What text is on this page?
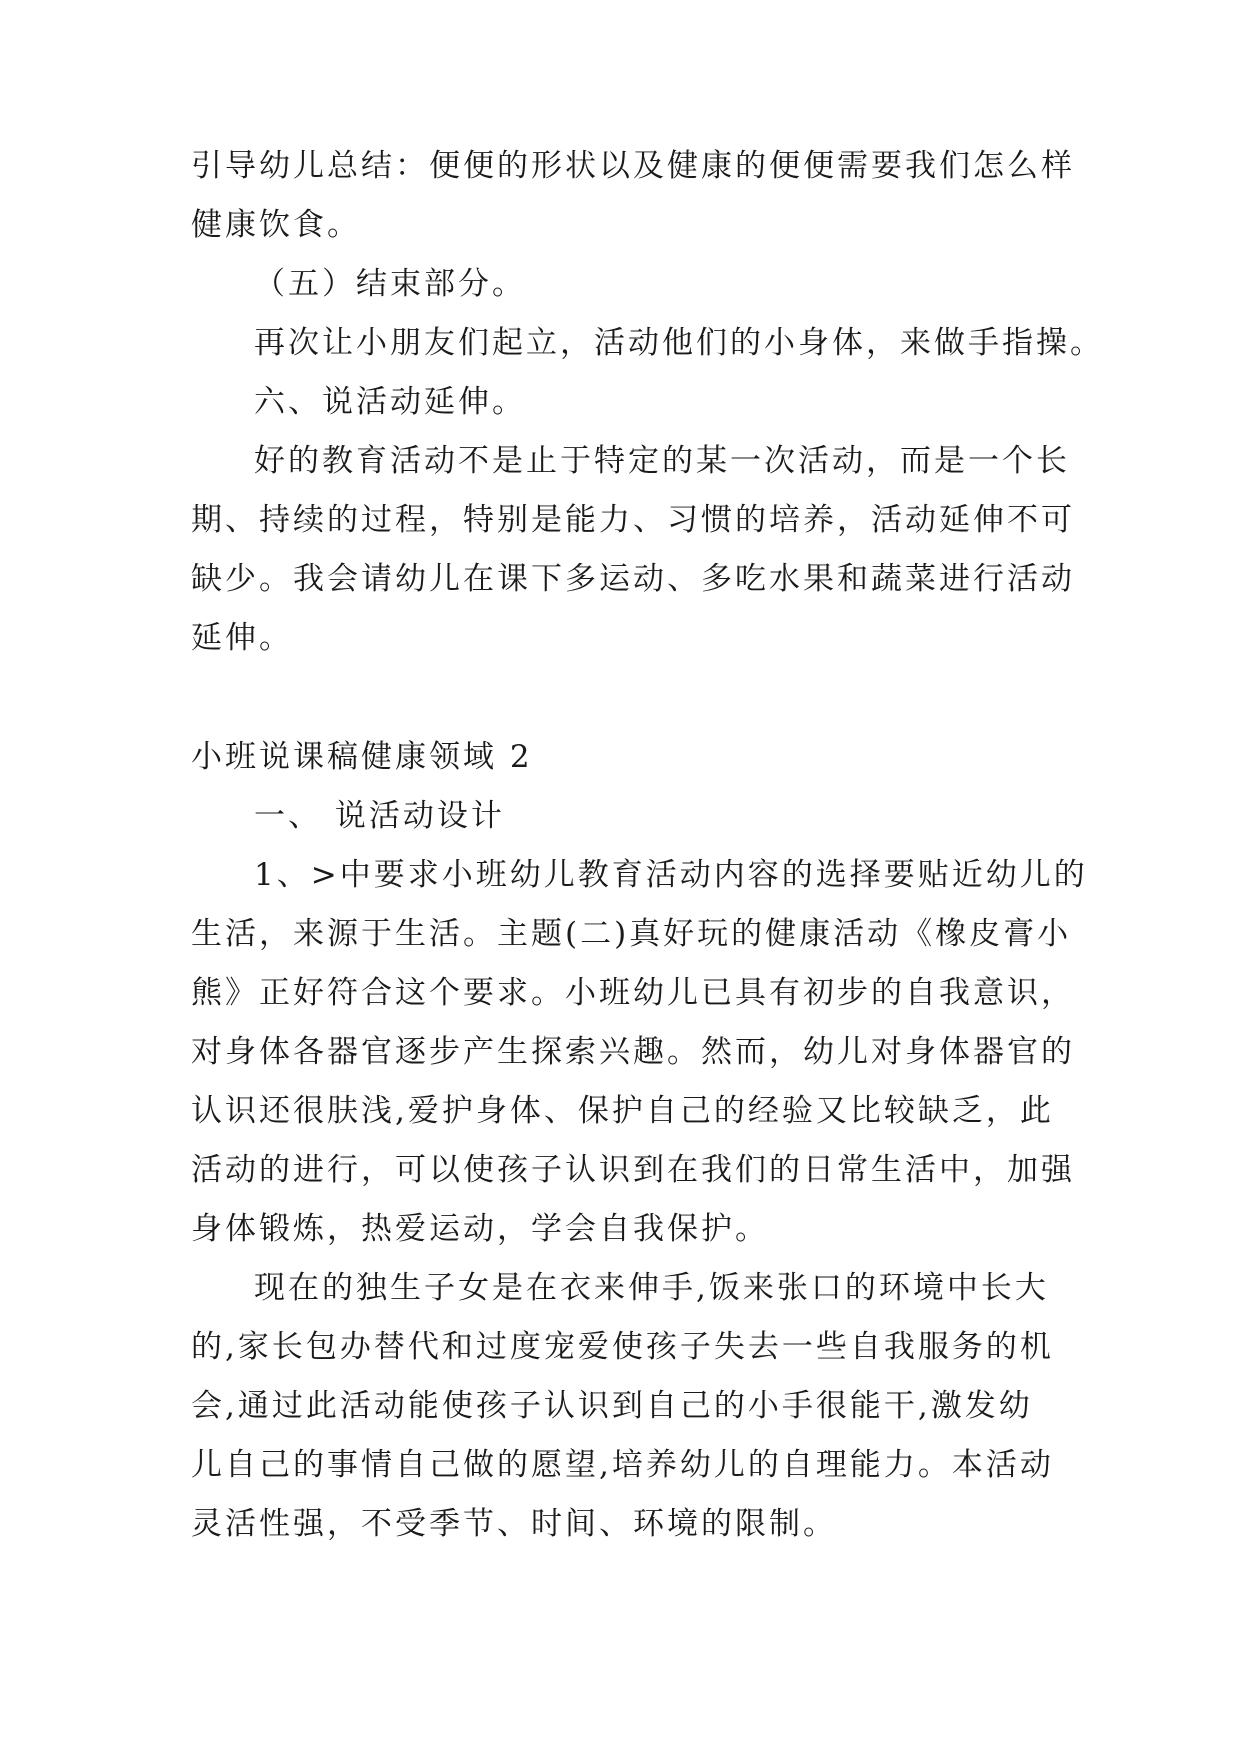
引导幼儿总结：便便的形状以及健康的便便需要我们怎么样
健康饮食。
（五）结束部分。
再次让小朋友们起立，活动他们的小身体，来做手指操。
六、说活动延伸。
好的教育活动不是止于特定的某一次活动，而是一个长
期、持续的过程，特别是能力、习惯的培养，活动延伸不可
缺少。我会请幼儿在课下多运动、多吃水果和蔬菜进行活动
延伸。
小班说课稿健康领域 2
一、 说活动设计
1、>中要求小班幼儿教育活动内容的选择要贴近幼儿的
生活，来源于生活。主题(二)真好玩的健康活动《橡皮膏小
熊》正好符合这个要求。小班幼儿已具有初步的自我意识，
对身体各器官逐步产生探索兴趣。然而，幼儿对身体器官的
认识还很肤浅,爱护身体、保护自己的经验又比较缺乏，此
活动的进行，可以使孩子认识到在我们的日常生活中，加强
身体锻炼，热爱运动，学会自我保护。
现在的独生子女是在衣来伸手,饭来张口的环境中长大
的,家长包办替代和过度宠爱使孩子失去一些自我服务的机
会,通过此活动能使孩子认识到自己的小手很能干,激发幼
儿自己的事情自己做的愿望,培养幼儿的自理能力。本活动
灵活性强，不受季节、时间、环境的限制。
